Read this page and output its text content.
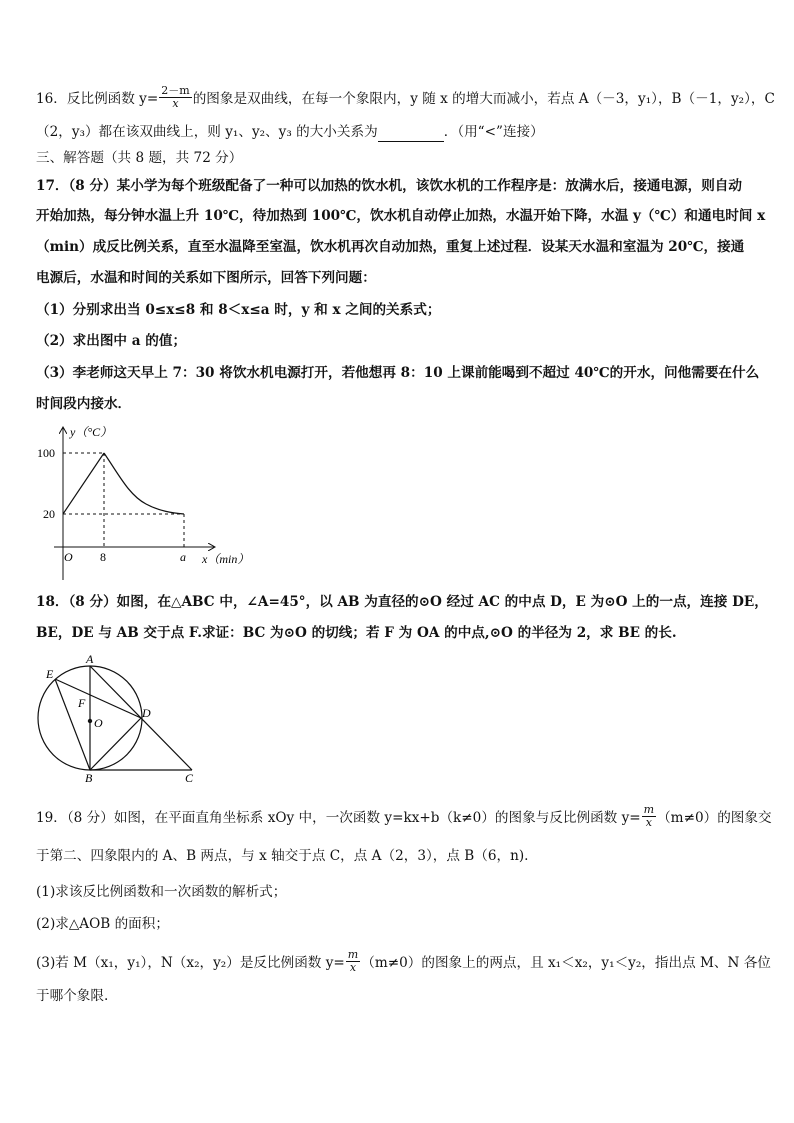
16．反比例函数 $y= \frac{2-m}{x}$ 的图象是双曲线，在每一个象限内，y 随 x 的增大而减小，若点 A（－3，y₁），B（－1，y₂），C
（2，y₃）都在该双曲线上，则 y₁、y₂、y₃ 的大小关系为	．（用“<”连接）
三、解答题（共 8 题，共 72 分）
17．（8 分）某小学为每个班级配备了一种可以加热的饮水机，该饮水机的工作程序是：放满水后，接通电源，则自动
开始加热，每分钟水温上升 10℃，待加热到 100℃，饮水机自动停止加热，水温开始下降，水温 y（℃）和通电时间 x
（min）成反比例关系，直至水温降至室温，饮水机再次自动加热，重复上述过程．设某天水温和室温为 20℃，接通
电源后，水温和时间的关系如下图所示，回答下列问题：
（1）分别求出当 0≤x≤8 和 8＜x≤a 时，y 和 x 之间的关系式；
（2）求出图中 a 的值；
（3）李老师这天早上 7：30 将饮水机电源打开，若他想再 8：10 上课前能喝到不超过 40℃的开水，问他需要在什么
时间段内接水．
y（°C）
100
20
O 8	a x（min）
18．（8 分）如图，在△ABC 中，∠A=45°，以 AB 为直径的⊙O 经过 AC 的中点 D，E 为⊙O 上的一点，连接 DE，
BE，DE 与 AB 交于点 F.求证：BC 为⊙O 的切线；若 F 为 OA 的中点,⊙O 的半径为 2，求 BE 的长.
A
B	C
D
E
F
O
19．（8 分）如图，在平面直角坐标系 xOy 中，一次函数 y=kx+b（k≠0）的图象与反比例函数 $y= \frac{m}{x} (m\ne 0)$的图象交
于第二、四象限内的 A、B 两点，与 x 轴交于点 C，点 A（2，3），点 B（6，n).
(1)求该反比例函数和一次函数的解析式；
(2)求△AOB 的面积；
(3)若 M（x₁，y₁），N（x₂，y₂）是反比例函数 $y= \frac{m}{x} (m\ne 0)$的图象上的两点，且 x₁＜x₂，y₁＜y₂，指出点 M、N 各位
于哪个象限.
